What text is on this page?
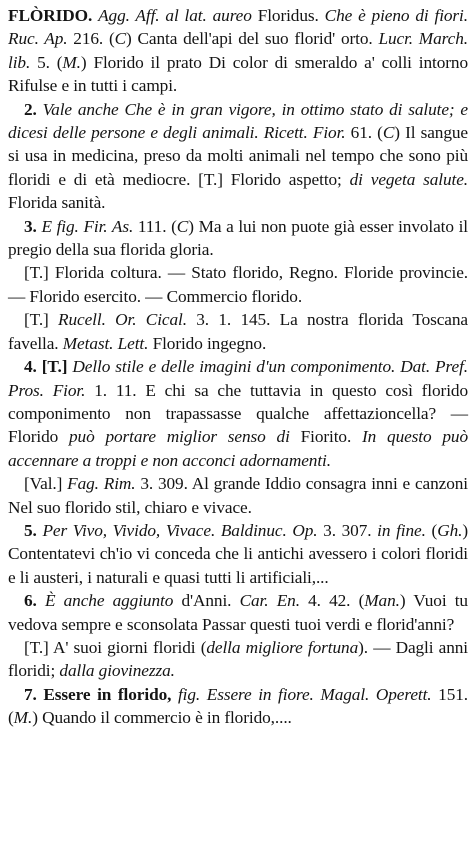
FLÒRIDO. Agg. Aff. al lat. aureo Floridus. Che è pieno di fiori. Ruc. Ap. 216. (C) Canta dell'api del suo florid' orto. Lucr. March. lib. 5. (M.) Florido il prato Di color di smeraldo a' colli intorno Rifulse e in tutti i campi.

2. Vale anche Che è in gran vigore, in ottimo stato di salute; e dicesi delle persone e degli animali. Ricett. Fior. 61. (C) Il sangue si usa in medicina, preso da molti animali nel tempo che sono più floridi e di età mediocre. [T.] Florido aspetto; di vegeta salute. Florida sanità.

3. E fig. Fir. As. 111. (C) Ma a lui non puote già esser involato il pregio della sua florida gloria.

[T.] Florida coltura. — Stato florido, Regno. Floride provincie. — Florido esercito. — Commercio florido.

[T.] Rucell. Or. Cical. 3. 1. 145. La nostra florida Toscana favella. Metast. Lett. Florido ingegno.

4. [T.] Dello stile e delle imagini d'un componimento. Dat. Pref. Pros. Fior. 1. 11. E chi sa che tuttavia in questo così florido componimento non trapassasse qualche affettazioncella? — Florido può portare miglior senso di Fiorito. In questo può accennare a troppi e non acconci adornamenti.

[Val.] Fag. Rim. 3. 309. Al grande Iddio consagra inni e canzoni Nel suo florido stil, chiaro e vivace.

5. Per Vivo, Vivido, Vivace. Baldinuc. Op. 3. 307. in fine. (Gh.) Contentatevi ch'io vi conceda che li antichi avessero i colori floridi e li austeri, i naturali e quasi tutti li artificiali,...

6. È anche aggiunto d'Anni. Car. En. 4. 42. (Man.) Vuoi tu vedova sempre e sconsolata Passar questi tuoi verdi e florid'anni?

[T.] A' suoi giorni floridi (della migliore fortuna). — Dagli anni floridi; dalla giovinezza.

7. Essere in florido, fig. Essere in fiore. Magal. Operett. 151. (M.) Quando il commercio è in florido,....
